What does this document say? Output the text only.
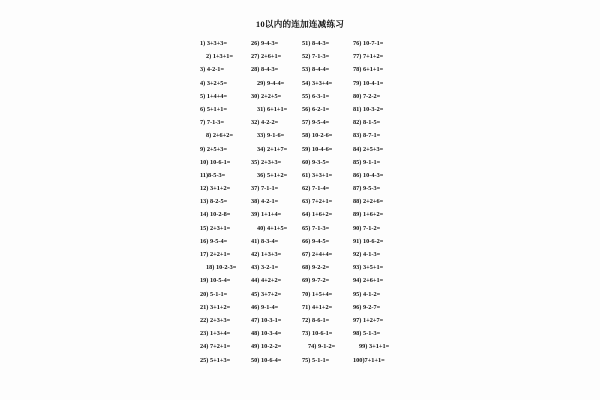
10以内的连加连减练习
1) 3+3+3=
2) 1+3+1=
3) 4-2-1=
4) 3+2+5=
5) 1+4+4=
6) 5+1+1=
7) 7-1-3=
8) 2+6+2=
9) 2+5+3=
10) 10-6-1=
11)8-5-3=
12) 3+1+2=
13) 8-2-5=
14) 10-2-8=
15) 2+3+1=
16) 9-5-4=
17) 2+2+1=
18) 10-2-3=
19) 10-5-4=
20) 5-1-1=
21) 3+1+2=
22) 2+3+3=
23) 1+3+4=
24) 7+2+1=
25) 5+1+3=
26) 9-4-3=
27) 2+6+1=
28) 8-4-3=
29) 9-4-4=
30) 2+2+5=
31) 6+1+1=
32) 4-2-2=
33) 9-1-6=
34) 2+1+7=
35) 2+3+3=
36) 5+1+2=
37) 7-1-1=
38) 4-2-1=
39) 1+1+4=
40) 4+1+5=
41) 8-3-4=
42) 1+3+3=
43) 3-2-1=
44) 4+2+2=
45) 3+7+2=
46) 9-1-4=
47) 10-3-1=
48) 10-3-4=
49) 10-2-2=
50) 10-6-4=
51) 8-4-3=
52) 7-1-3=
53) 8-4-4=
54) 3+3+4=
55) 6-3-1=
56) 6-2-1=
57) 9-5-4=
58) 10-2-6=
59) 10-4-6=
60) 9-3-5=
61) 3+3+1=
62) 7-1-4=
63) 7+2+1=
64) 1+6+2=
65) 7-1-3=
66) 9-4-5=
67) 2+4+4=
68) 9-2-2=
69) 9-7-2=
70) 1+5+4=
71) 4+1+2=
72) 8-6-1=
73) 10-6-1=
74) 9-1-2=
75) 5-1-1=
76) 10-7-1=
77) 7+1+2=
78) 6+1+1=
79) 10-4-1=
80) 7-2-2=
81) 10-3-2=
82) 8-1-5=
83) 8-7-1=
84) 2+5+3=
85) 9-1-1=
86) 10-4-3=
87) 9-5-3=
88) 2+2+6=
89) 1+6+2=
90) 7-1-2=
91) 10-6-2=
92) 4-1-3=
93) 3+5+1=
94) 2+6+1=
95) 4-1-2=
96) 9-2-7=
97) 1+2+7=
98) 5-1-3=
99) 3+1+1=
100)7+1+1=
